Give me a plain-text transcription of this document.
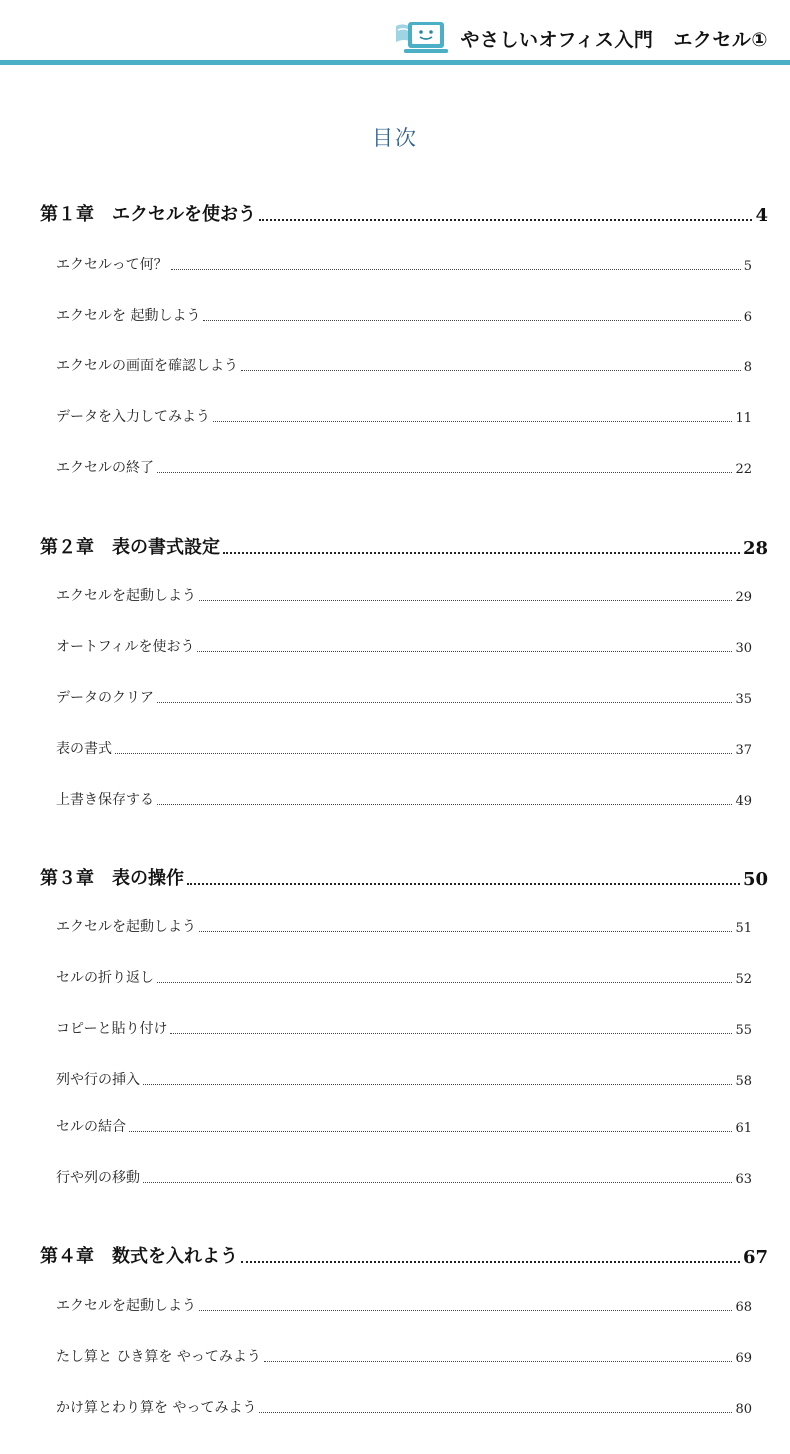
やさしいオフィス入門 エクセル①
目次
第１章　エクセルを使おう	4
エクセルって何？	5
エクセルを 起動しよう	6
エクセルの画面を確認しよう	8
データを入力してみよう	11
エクセルの終了	22
第２章　表の書式設定	28
エクセルを起動しよう	29
オートフィルを使おう	30
データのクリア	35
表の書式	37
上書き保存する	49
第３章　表の操作	50
エクセルを起動しよう	51
セルの折り返し	52
コピーと貼り付け	55
列や行の挿入	58
セルの結合	61
行や列の移動	63
第４章　数式を入れよう	67
エクセルを起動しよう	68
たし算と ひき算を やってみよう	69
かけ算とわり算を やってみよう	80
